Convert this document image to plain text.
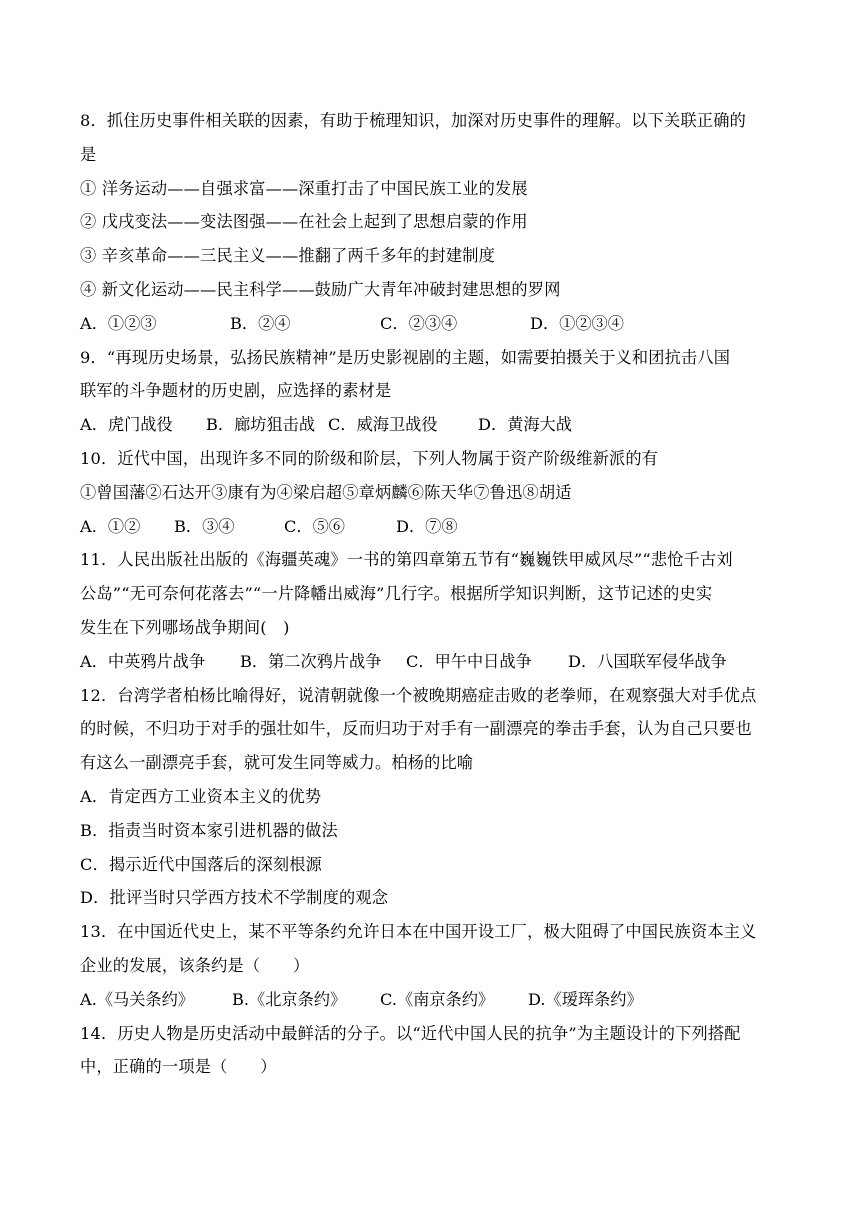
8．抓住历史事件相关联的因素，有助于梳理知识，加深对历史事件的理解。以下关联正确的
是
① 洋务运动——自强求富——深重打击了中国民族工业的发展
② 戊戌变法——变法图强——在社会上起到了思想启蒙的作用
③ 辛亥革命——三民主义——推翻了两千多年的封建制度
④ 新文化运动——民主科学——鼓励广大青年冲破封建思想的罗网
A．①②③	B．②④	C．②③④	D．①②③④
9．“再现历史场景，弘扬民族精神”是历史影视剧的主题，如需要拍摄关于义和团抗击八国
联军的斗争题材的历史剧，应选择的素材是
A．虎门战役	B．廊坊狙击战 C．威海卫战役	D．黄海大战
10．近代中国，出现许多不同的阶级和阶层，下列人物属于资产阶级维新派的有
①曾国藩②石达开③康有为④梁启超⑤章炳麟⑥陈天华⑦鲁迅⑧胡适
A．①②	B．③④	C．⑤⑥	D．⑦⑧
11．人民出版社出版的《海疆英魂》一书的第四章第五节有“巍巍铁甲威风尽”“悲怆千古刘
公岛”“无可奈何花落去”“一片降幡出威海”几行字。根据所学知识判断，这节记述的史实
发生在下列哪场战争期间(　)
A．中英鸦片战争	B．第二次鸦片战争	C．甲午中日战争	D．八国联军侵华战争
12．台湾学者柏杨比喻得好，说清朝就像一个被晚期癌症击败的老拳师，在观察强大对手优点
的时候，不归功于对手的强壮如牛，反而归功于对手有一副漂亮的拳击手套，认为自己只要也
有这么一副漂亮手套，就可发生同等威力。柏杨的比喻
A．肯定西方工业资本主义的优势
B．指责当时资本家引进机器的做法
C．揭示近代中国落后的深刻根源
D．批评当时只学西方技术不学制度的观念
13．在中国近代史上，某不平等条约允许日本在中国开设工厂，极大阻碍了中国民族资本主义
企业的发展，该条约是（　　）
A.《马关条约》	B.《北京条约》	C.《南京条约》	D.《瑷珲条约》
14．历史人物是历史活动中最鲜活的分子。以“近代中国人民的抗争”为主题设计的下列搭配
中，正确的一项是（　　）
